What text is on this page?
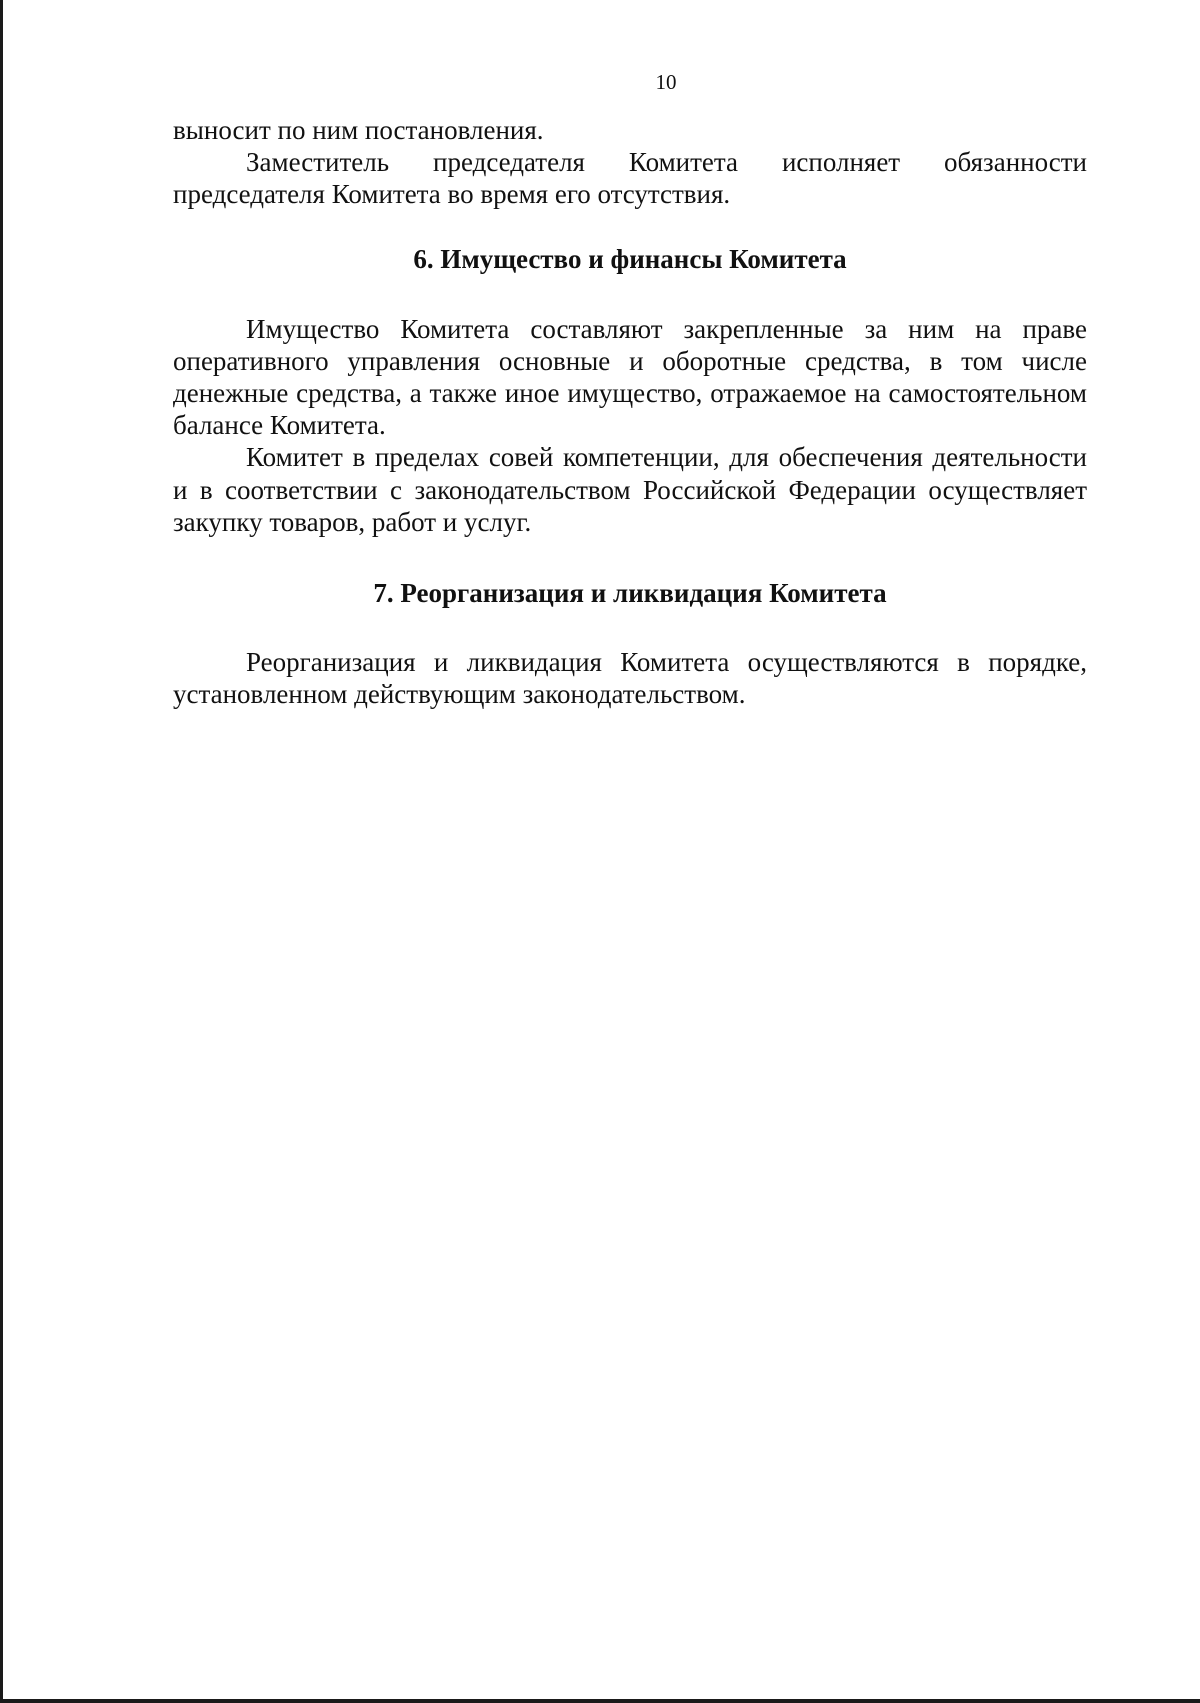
10

выносит по ним постановления.

Заместитель председателя Комитета исполняет обязанности председателя Комитета во время его отсутствия.

6. Имущество и финансы Комитета

Имущество Комитета составляют закрепленные за ним на праве оперативного управления основные и оборотные средства, в том числе денежные средства, а также иное имущество, отражаемое на самостоятельном балансе Комитета.

Комитет в пределах совей компетенции, для обеспечения деятельности и в соответствии с законодательством Российской Федерации осуществляет закупку товаров, работ и услуг.

7. Реорганизация и ликвидация Комитета

Реорганизация и ликвидация Комитета осуществляются в порядке, установленном действующим законодательством.
